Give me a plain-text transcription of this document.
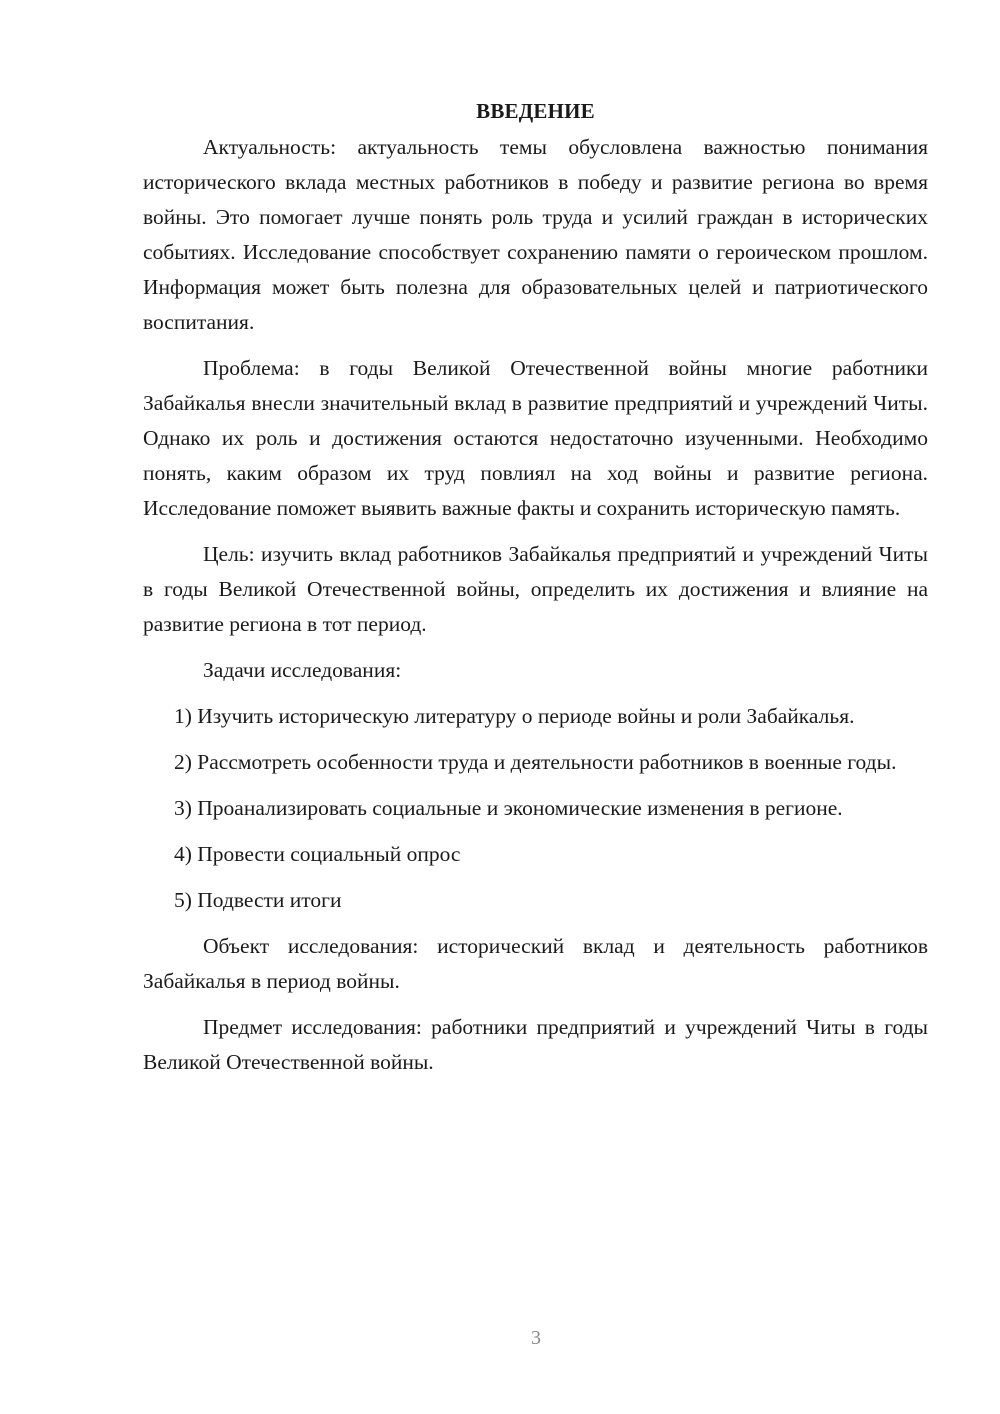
ВВЕДЕНИЕ

Актуальность: актуальность темы обусловлена важностью понимания исторического вклада местных работников в победу и развитие региона во время войны. Это помогает лучше понять роль труда и усилий граждан в исторических событиях. Исследование способствует сохранению памяти о героическом прошлом. Информация может быть полезна для образовательных целей и патриотического воспитания.

Проблема: в годы Великой Отечественной войны многие работники Забайкалья внесли значительный вклад в развитие предприятий и учреждений Читы. Однако их роль и достижения остаются недостаточно изученными. Необходимо понять, каким образом их труд повлиял на ход войны и развитие региона. Исследование поможет выявить важные факты и сохранить историческую память.

Цель: изучить вклад работников Забайкалья предприятий и учреждений Читы в годы Великой Отечественной войны, определить их достижения и влияние на развитие региона в тот период.

Задачи исследования:

1) Изучить историческую литературу о периоде войны и роли Забайкалья.

2) Рассмотреть особенности труда и деятельности работников в военные годы.

3) Проанализировать социальные и экономические изменения в регионе.

4) Провести социальный опрос

5) Подвести итоги

Объект исследования: исторический вклад и деятельность работников Забайкалья в период войны.

Предмет исследования: работники предприятий и учреждений Читы в годы Великой Отечественной войны.

3
